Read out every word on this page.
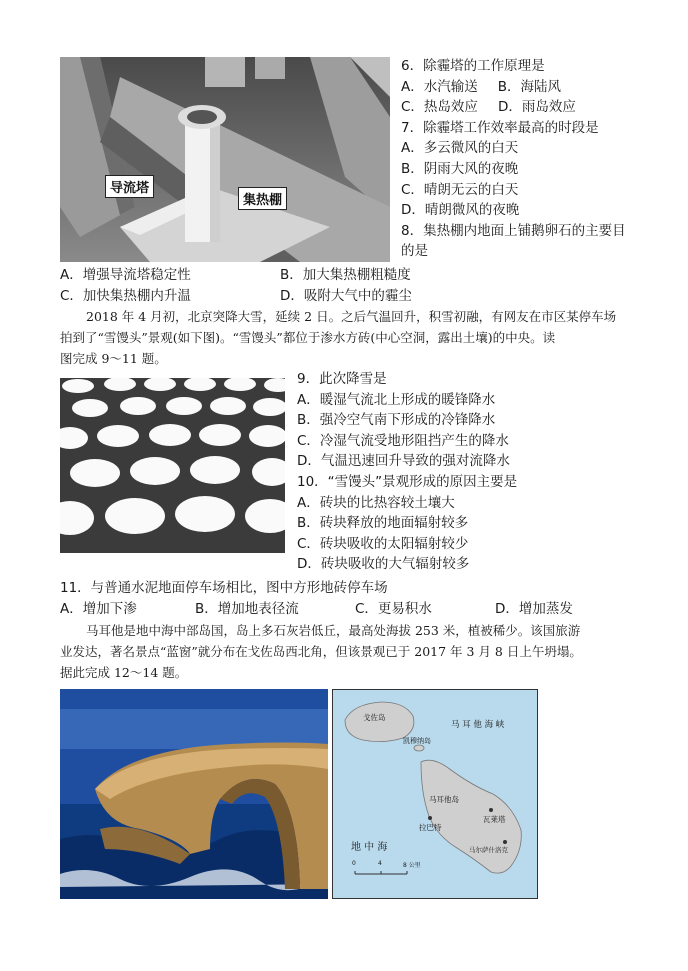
导流塔
集热棚
6．除霾塔的工作原理是
A．水汽输送 B．海陆风
C．热岛效应 D．雨岛效应
7．除霾塔工作效率最高的时段是
A．多云微风的白天
B．阴雨大风的夜晚
C．晴朗无云的白天
D．晴朗微风的夜晚
8．集热棚内地面上铺鹅卵石的主要目
的是
A．增强导流塔稳定性	B．加大集热棚粗糙度
C．加快集热棚内升温	D．吸附大气中的霾尘
2018 年 4 月初，北京突降大雪，延续 2 日。之后气温回升，积雪初融，有网友在市区某停车场
拍到了“雪馒头”景观(如下图)。“雪馒头”都位于渗水方砖(中心空洞，露出土壤)的中央。读
图完成 9～11 题。
9．此次降雪是
A．暖湿气流北上形成的暖锋降水
B．强冷空气南下形成的冷锋降水
C．冷湿气流受地形阻挡产生的降水
D．气温迅速回升导致的强对流降水
10．“雪馒头”景观形成的原因主要是
A．砖块的比热容较土壤大
B．砖块释放的地面辐射较多
C．砖块吸收的太阳辐射较少
D．砖块吸收的大气辐射较多
11．与普通水泥地面停车场相比，图中方形地砖停车场
A．增加下渗	B．增加地表径流	C．更易积水	D．增加蒸发
马耳他是地中海中部岛国，岛上多石灰岩低丘，最高处海拔 253 米，植被稀少。该国旅游
业发达，著名景点“蓝窗”就分布在戈佐岛西北角，但该景观已于 2017 年 3 月 8 日上午坍塌。
据此完成 12～14 题。
戈佐岛
凯穆纳岛
马 耳 他 海 峡
马耳他岛
拉巴特
瓦莱塔
马尔萨什洛克
地 中 海
0	4	8 公里
